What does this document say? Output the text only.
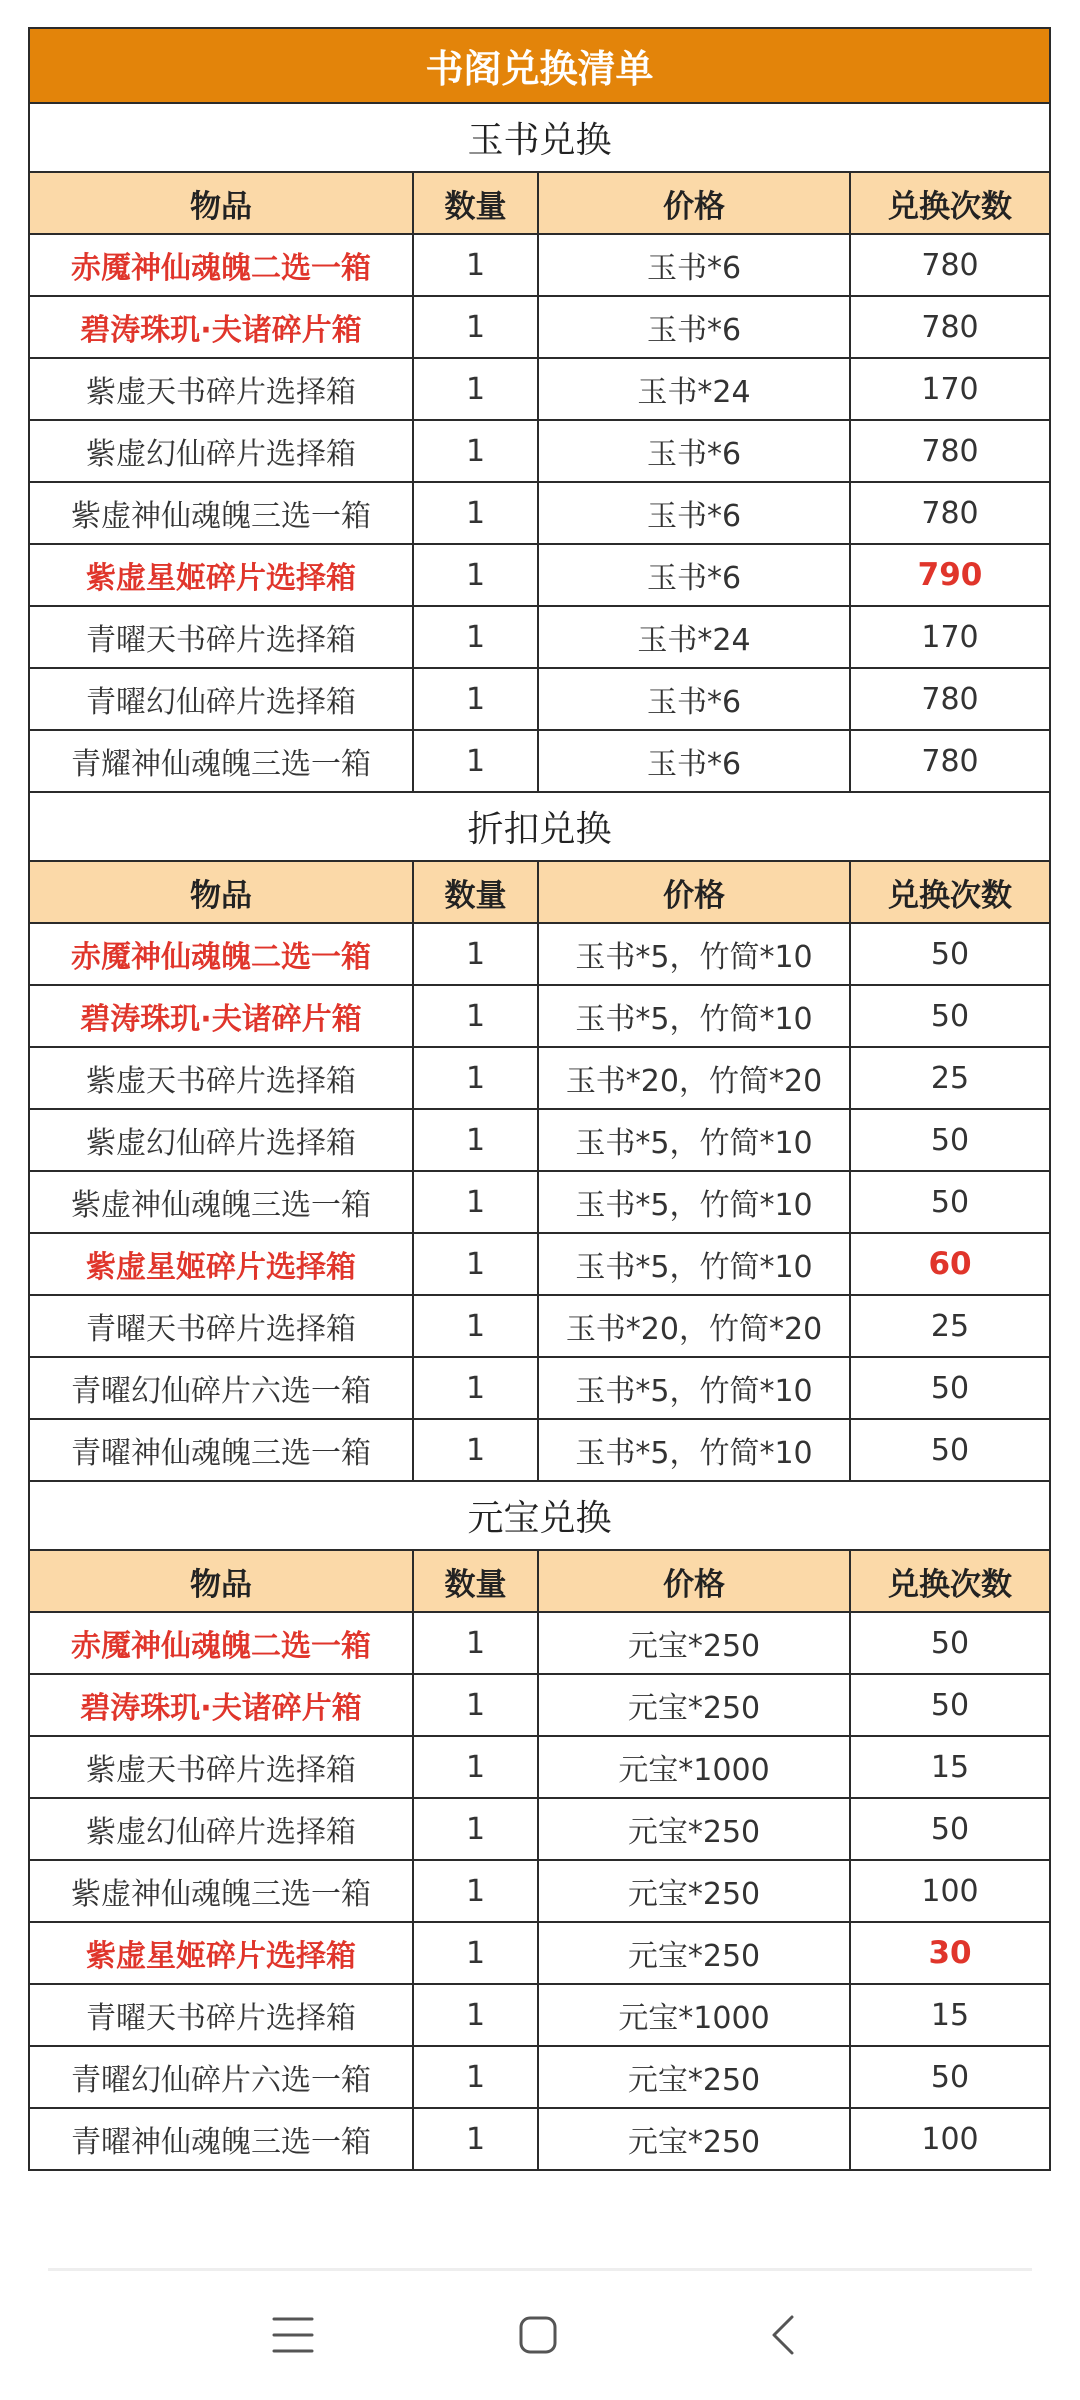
书阁兑换清单			
玉书兑换			
物品	数量	价格	兑换次数
赤魇神仙魂魄二选一箱	1	玉书*6	780
碧涛珠玑·夫诸碎片箱	1	玉书*6	780
紫虚天书碎片选择箱	1	玉书*24	170
紫虚幻仙碎片选择箱	1	玉书*6	780
紫虚神仙魂魄三选一箱	1	玉书*6	780
紫虚星姬碎片选择箱	1	玉书*6	790
青曜天书碎片选择箱	1	玉书*24	170
青曜幻仙碎片选择箱	1	玉书*6	780
青耀神仙魂魄三选一箱	1	玉书*6	780
折扣兑换			
物品	数量	价格	兑换次数
赤魇神仙魂魄二选一箱	1	玉书*5，竹简*10	50
碧涛珠玑·夫诸碎片箱	1	玉书*5，竹简*10	50
紫虚天书碎片选择箱	1	玉书*20，竹简*20	25
紫虚幻仙碎片选择箱	1	玉书*5，竹简*10	50
紫虚神仙魂魄三选一箱	1	玉书*5，竹简*10	50
紫虚星姬碎片选择箱	1	玉书*5，竹简*10	60
青曜天书碎片选择箱	1	玉书*20，竹简*20	25
青曜幻仙碎片六选一箱	1	玉书*5，竹简*10	50
青曜神仙魂魄三选一箱	1	玉书*5，竹简*10	50
元宝兑换			
物品	数量	价格	兑换次数
赤魇神仙魂魄二选一箱	1	元宝*250	50
碧涛珠玑·夫诸碎片箱	1	元宝*250	50
紫虚天书碎片选择箱	1	元宝*1000	15
紫虚幻仙碎片选择箱	1	元宝*250	50
紫虚神仙魂魄三选一箱	1	元宝*250	100
紫虚星姬碎片选择箱	1	元宝*250	30
青曜天书碎片选择箱	1	元宝*1000	15
青曜幻仙碎片六选一箱	1	元宝*250	50
青曜神仙魂魄三选一箱	1	元宝*250	100
